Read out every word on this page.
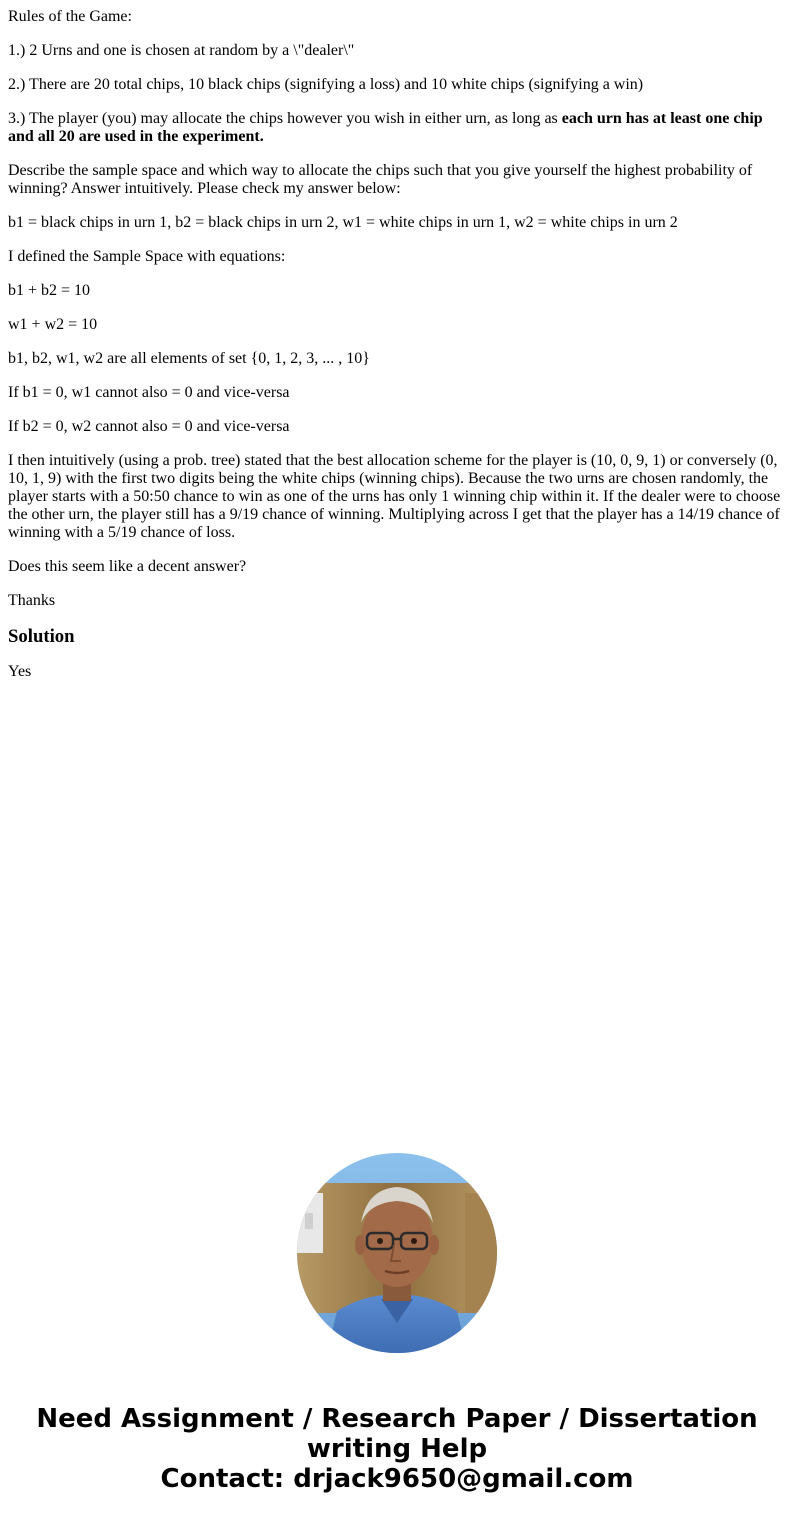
Rules of the Game:

1.) 2 Urns and one is chosen at random by a \"dealer\"

2.) There are 20 total chips, 10 black chips (signifying a loss) and 10 white chips (signifying a win)

3.) The player (you) may allocate the chips however you wish in either urn, as long as each urn has at least one chip and all 20 are used in the experiment.

Describe the sample space and which way to allocate the chips such that you give yourself the highest probability of winning? Answer intuitively. Please check my answer below:

b1 = black chips in urn 1, b2 = black chips in urn 2, w1 = white chips in urn 1, w2 = white chips in urn 2

I defined the Sample Space with equations:

b1 + b2 = 10

w1 + w2 = 10

b1, b2, w1, w2 are all elements of set {0, 1, 2, 3, ... , 10}

If b1 = 0, w1 cannot also = 0 and vice-versa

If b2 = 0, w2 cannot also = 0 and vice-versa

I then intuitively (using a prob. tree) stated that the best allocation scheme for the player is (10, 0, 9, 1) or conversely (0, 10, 1, 9) with the first two digits being the white chips (winning chips). Because the two urns are chosen randomly, the player starts with a 50:50 chance to win as one of the urns has only 1 winning chip within it. If the dealer were to choose the other urn, the player still has a 9/19 chance of winning. Multiplying across I get that the player has a 14/19 chance of winning with a 5/19 chance of loss.

Does this seem like a decent answer?

Thanks

Solution

Yes

Need Assignment / Research Paper / Dissertation
writing Help
Contact: drjack9650@gmail.com
